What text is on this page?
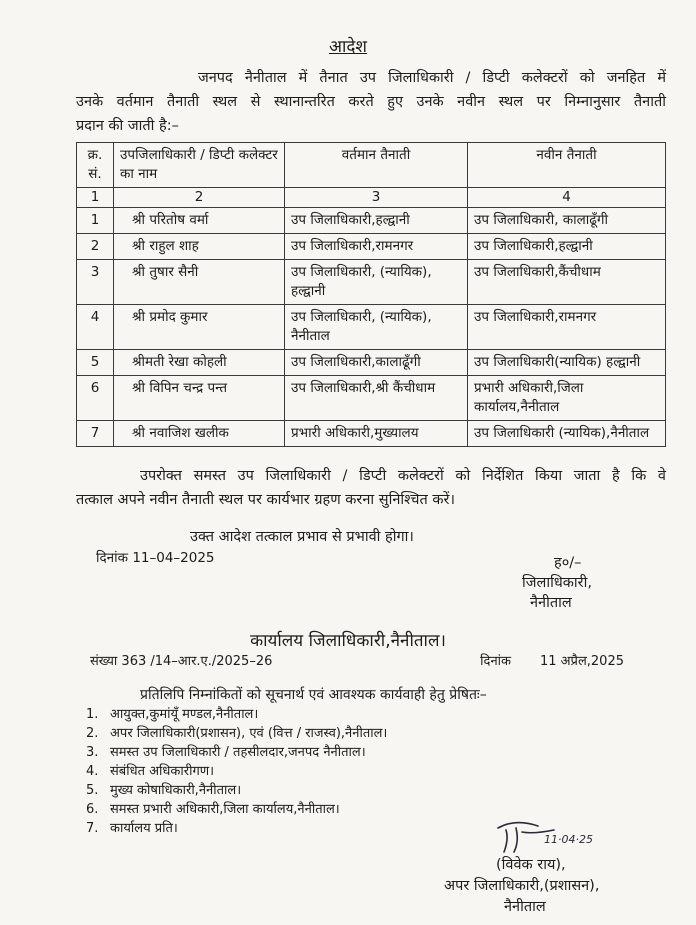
आदेश
जनपद नैनीताल में तैनात उप जिलाधिकारी / डिप्टी कलेक्टरों को जनहित में
उनके वर्तमान तैनाती स्थल से स्थानान्तरित करते हुए उनके नवीन स्थल पर निम्नानुसार तैनाती
प्रदान की जाती है:–
क्र. सं.	उपजिलाधिकारी / डिप्टी कलेक्टर का नाम	वर्तमान तैनाती	नवीन तैनाती
1	2	3	4
1	श्री परितोष वर्मा	उप जिलाधिकारी,हल्द्वानी	उप जिलाधिकारी, कालाढूँगी
2	श्री राहुल शाह	उप जिलाधिकारी,रामनगर	उप जिलाधिकारी,हल्द्वानी
3	श्री तुषार सैनी	उप जिलाधिकारी, (न्यायिक), हल्द्वानी	उप जिलाधिकारी,कैंचीधाम
4	श्री प्रमोद कुमार	उप जिलाधिकारी, (न्यायिक), नैनीताल	उप जिलाधिकारी,रामनगर
5	श्रीमती रेखा कोहली	उप जिलाधिकारी,कालाढूँगी	उप जिलाधिकारी(न्यायिक) हल्द्वानी
6	श्री विपिन चन्द्र पन्त	उप जिलाधिकारी,श्री कैंचीधाम	प्रभारी अधिकारी,जिला कार्यालय,नैनीताल
7	श्री नवाजिश खलीक	प्रभारी अधिकारी,मुख्यालय	उप जिलाधिकारी (न्यायिक),नैनीताल
उपरोक्त समस्त उप जिलाधिकारी / डिप्टी कलेक्टरों को निर्देशित किया जाता है कि वे
तत्काल अपने नवीन तैनाती स्थल पर कार्यभार ग्रहण करना सुनिश्चित करें।
उक्त आदेश तत्काल प्रभाव से प्रभावी होगा।
दिनांक 11–04–2025	ह०/–
जिलाधिकारी,
नैनीताल
कार्यालय जिलाधिकारी,नैनीताल।
संख्या 363 /14–आर.ए./2025–26	दिनांक 11 अप्रैल,2025
प्रतिलिपि निम्नांकितों को सूचनार्थ एवं आवश्यक कार्यवाही हेतु प्रेषितः–
1. आयुक्त,कुमांयूँ मण्डल,नैनीताल।
2. अपर जिलाधिकारी(प्रशासन), एवं (वित्त / राजस्व),नैनीताल।
3. समस्त उप जिलाधिकारी / तहसीलदार,जनपद नैनीताल।
4. संबंधित अधिकारीगण।
5. मुख्य कोषाधिकारी,नैनीताल।
6. समस्त प्रभारी अधिकारी,जिला कार्यालय,नैनीताल।
7. कार्यालय प्रति।
11·04·25
(विवेक राय),
अपर जिलाधिकारी,(प्रशासन),
नैनीताल
